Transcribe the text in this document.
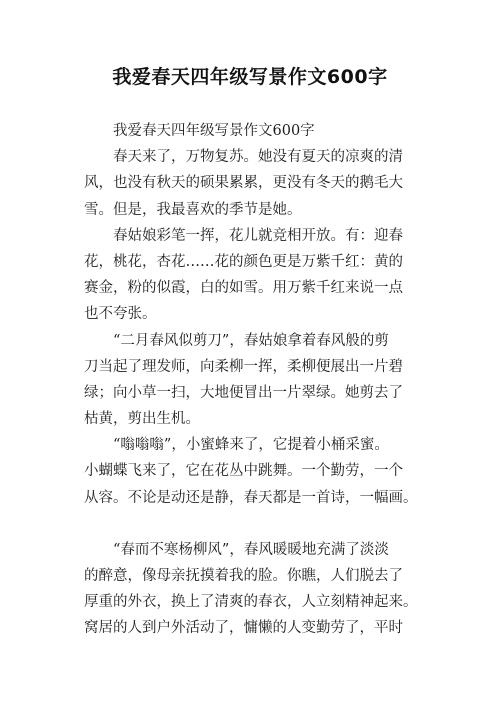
我爱春天四年级写景作文600字
我爱春天四年级写景作文600字
春天来了，万物复苏。她没有夏天的凉爽的清
风，也没有秋天的硕果累累，更没有冬天的鹅毛大
雪。但是，我最喜欢的季节是她。
春姑娘彩笔一挥，花儿就竞相开放。有：迎春
花，桃花，杏花……花的颜色更是万紫千红：黄的
赛金，粉的似霞，白的如雪。用万紫千红来说一点
也不夸张。
“二月春风似剪刀”，春姑娘拿着春风般的剪
刀当起了理发师，向柔柳一挥，柔柳便展出一片碧
绿；向小草一扫，大地便冒出一片翠绿。她剪去了
枯黄，剪出生机。
“嗡嗡嗡”，小蜜蜂来了，它提着小桶采蜜。
小蝴蝶飞来了，它在花丛中跳舞。一个勤劳，一个
从容。不论是动还是静，春天都是一首诗，一幅画。
“春而不寒杨柳风”，春风暖暖地充满了淡淡
的醉意，像母亲抚摸着我的脸。你瞧，人们脱去了
厚重的外衣，换上了清爽的春衣，人立刻精神起来。
窝居的人到户外活动了，慵懒的人变勤劳了，平时
